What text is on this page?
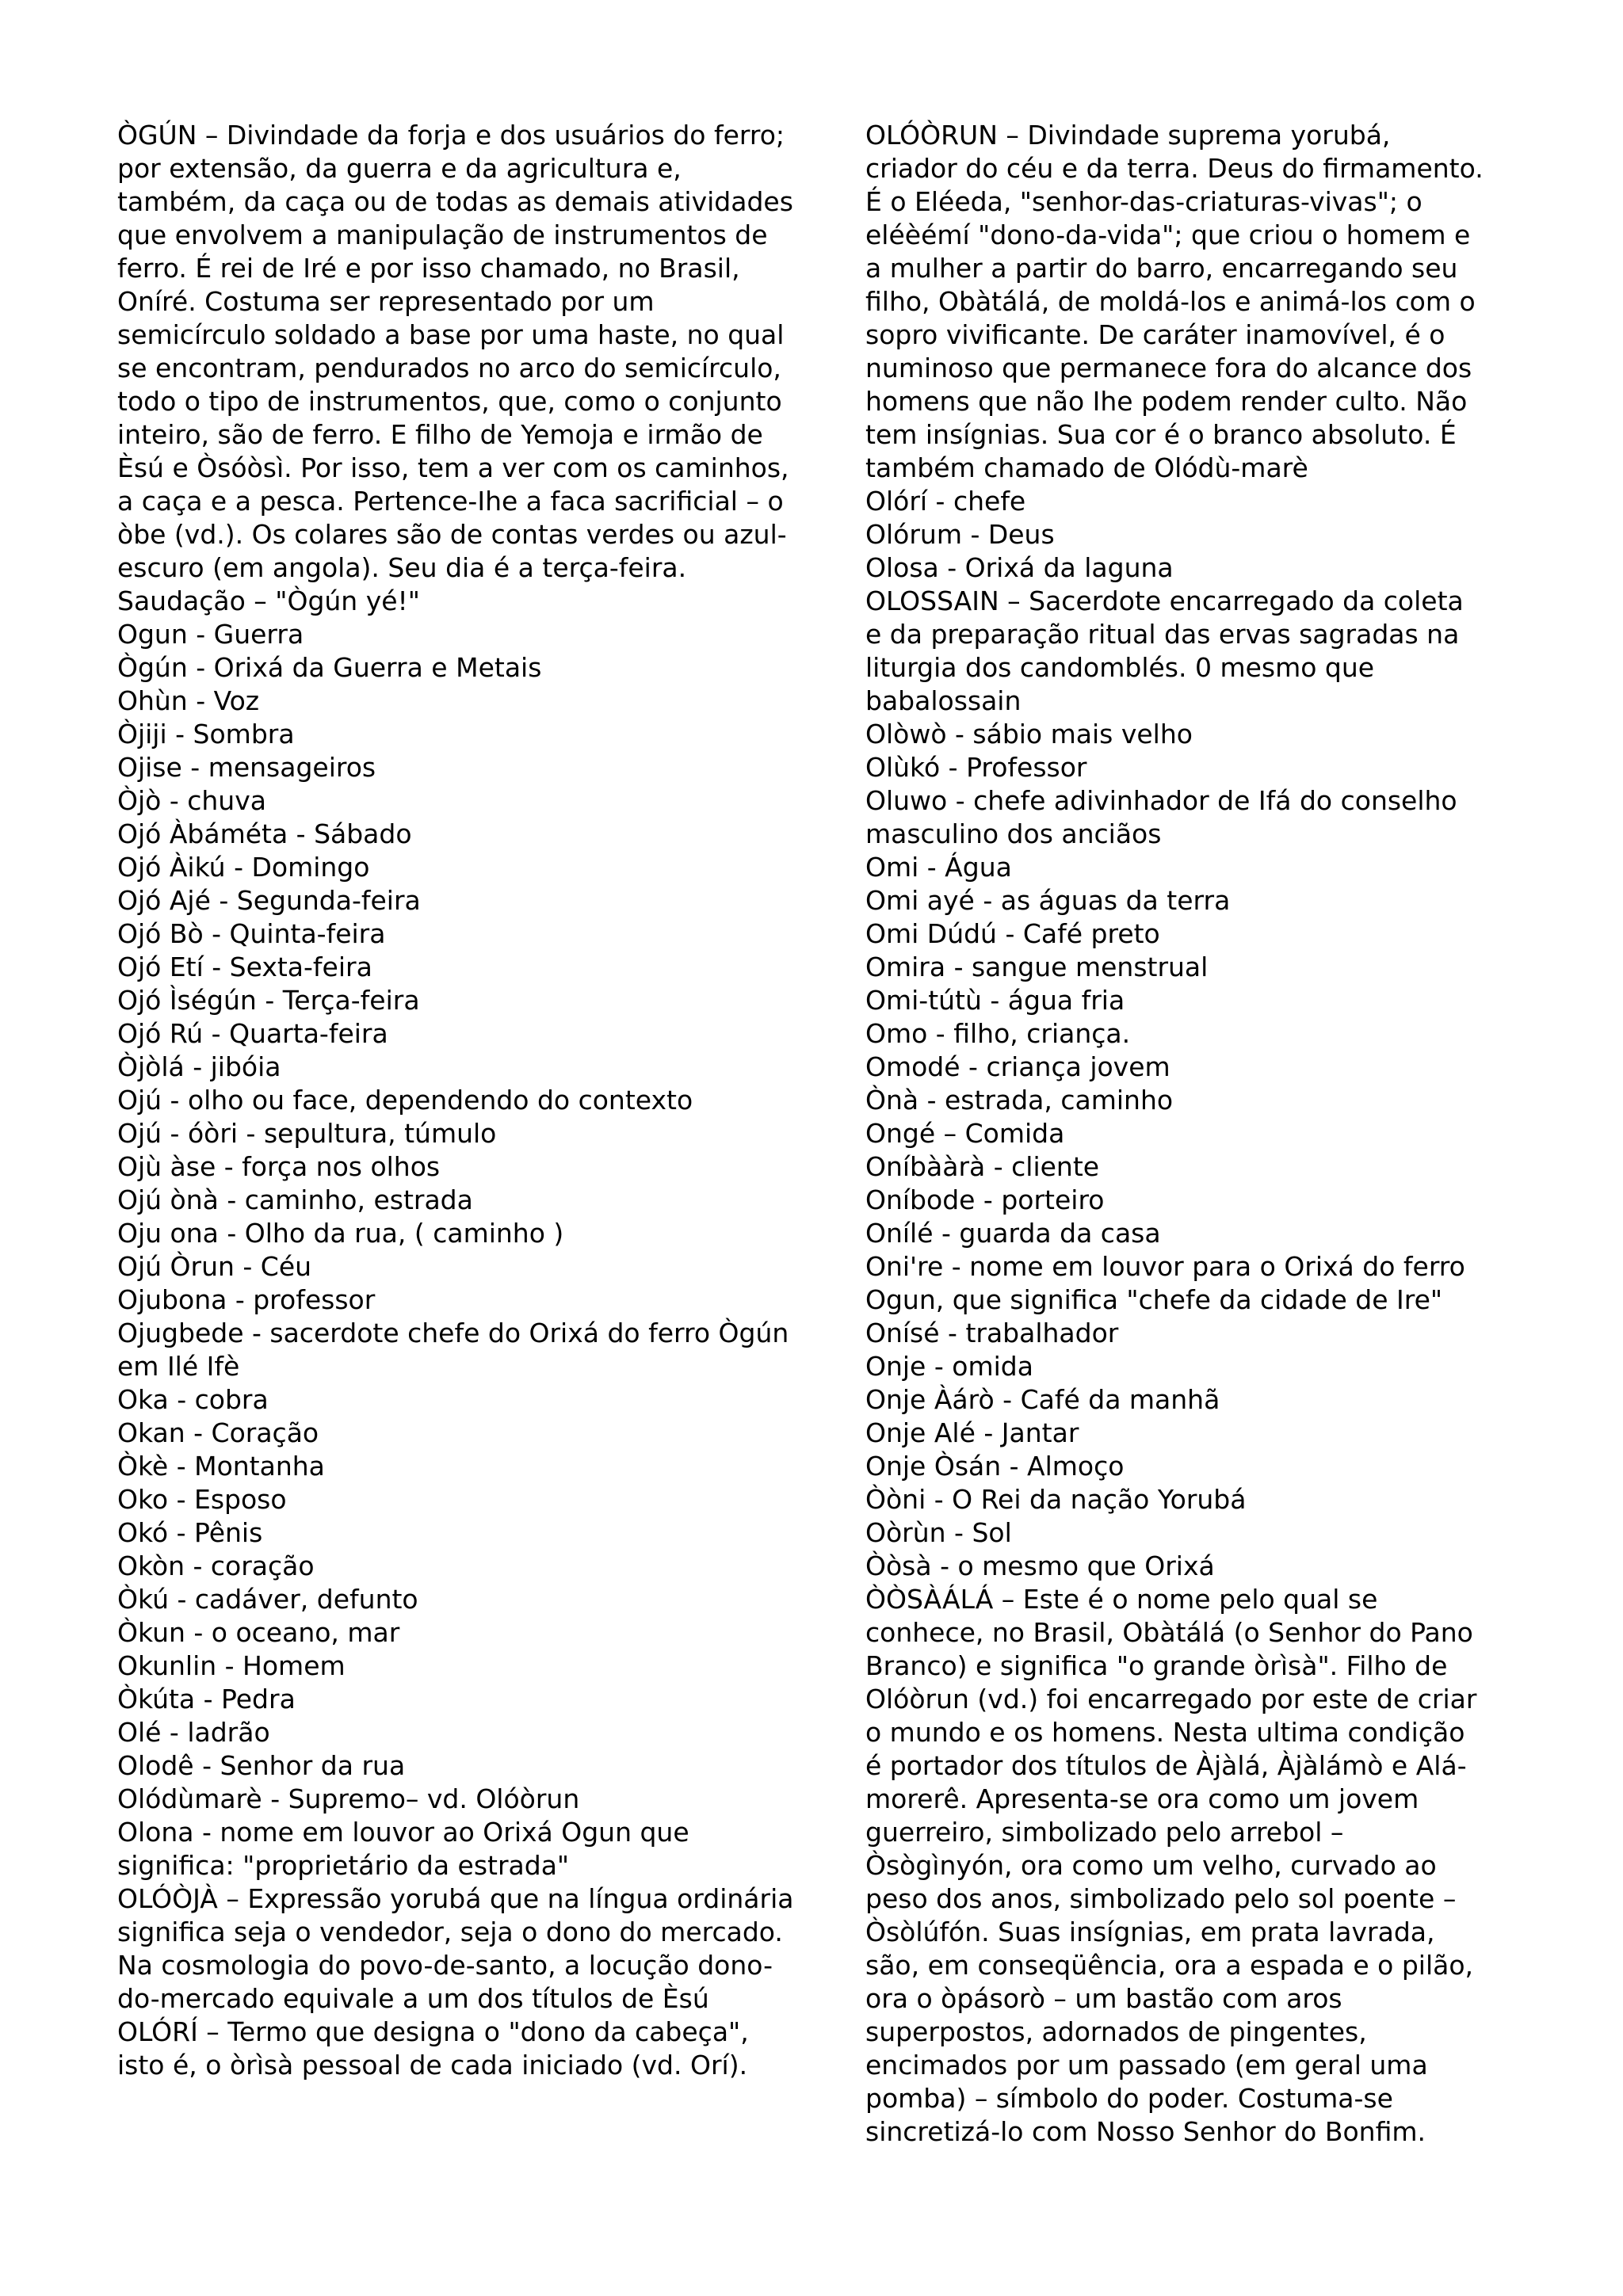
ÒGÚN – Divindade da forja e dos usuários do ferro; por extensão, da guerra e da agricultura e, também, da caça ou de todas as demais atividades que envolvem a manipulação de instrumentos de ferro. É rei de Iré e por isso chamado, no Brasil, Oníré. Costuma ser representado por um semicírculo soldado a base por uma haste, no qual se encontram, pendurados no arco do semicírculo, todo o tipo de instrumentos, que, como o conjunto inteiro, são de ferro. E filho de Yemoja e irmão de Èsú e Òsóòsì. Por isso, tem a ver com os caminhos, a caça e a pesca. Pertence-Ihe a faca sacrificial – o òbe (vd.). Os colares são de contas verdes ou azul-escuro (em angola). Seu dia é a terça-feira. Saudação – "Ògún yé!"

Ogun - Guerra

Ògún - Orixá da Guerra e Metais

Ohùn - Voz

Òjiji - Sombra

Ojise - mensageiros

Òjò - chuva

Ojó Àbáméta - Sábado

Ojó Àikú - Domingo

Ojó Ajé - Segunda-feira

Ojó Bò - Quinta-feira

Ojó Etí - Sexta-feira

Ojó Ìségún - Terça-feira

Ojó Rú - Quarta-feira

Òjòlá - jibóia

Ojú - olho ou face, dependendo do contexto

Ojú - óòri - sepultura, túmulo

Ojù àse - força nos olhos

Ojú ònà - caminho, estrada

Oju ona - Olho da rua, ( caminho )

Ojú Òrun - Céu

Ojubona - professor

Ojugbede - sacerdote chefe do Orixá do ferro Ògún em Ilé Ifè

Oka - cobra

Okan - Coração

Òkè - Montanha

Oko - Esposo

Okó - Pênis

Okòn - coração

Òkú - cadáver, defunto

Òkun - o oceano, mar

Okunlin - Homem

Òkúta - Pedra

Olé - ladrão

Olodê - Senhor da rua

Olódùmarè - Supremo– vd. Olóòrun

Olona - nome em louvor ao Orixá Ogun que significa: "proprietário da estrada"

OLÓÒJÀ – Expressão yorubá que na língua ordinária significa seja o vendedor, seja o dono do mercado. Na cosmologia do povo-de-santo, a locução dono-do-mercado equivale a um dos títulos de Èsú

OLÓRÍ – Termo que designa o "dono da cabeça", isto é, o òrìsà pessoal de cada iniciado (vd. Orí).

OLÓÒRUN – Divindade suprema yorubá, criador do céu e da terra. Deus do firmamento. É o Eléeda, "senhor-das-criaturas-vivas"; o eléèémí "dono-da-vida"; que criou o homem e a mulher a partir do barro, encarregando seu filho, Obàtálá, de moldá-los e animá-los com o sopro vivificante. De caráter inamovível, é o numinoso que permanece fora do alcance dos homens que não Ihe podem render culto. Não tem insígnias. Sua cor é o branco absoluto. É também chamado de Olódù-marè

Olórí - chefe

Olórum - Deus

Olosa - Orixá da laguna

OLOSSAIN – Sacerdote encarregado da coleta e da preparação ritual das ervas sagradas na liturgia dos candomblés. 0 mesmo que babalossain

Olòwò - sábio mais velho

Olùkó - Professor

Oluwo - chefe adivinhador de Ifá do conselho masculino dos anciãos

Omi - Água

Omi ayé - as águas da terra

Omi Dúdú - Café preto

Omira - sangue menstrual

Omi-tútù - água fria

Omo - filho, criança.

Omodé - criança jovem

Ònà - estrada, caminho

Ongé – Comida

Oníbààrà - cliente

Oníbode - porteiro

Onílé - guarda da casa

Oni're - nome em louvor para o Orixá do ferro Ogun, que significa "chefe da cidade de Ire"

Onísé - trabalhador

Onje - omida

Onje Àárò - Café da manhã

Onje Alé - Jantar

Onje Òsán - Almoço

Òòni - O Rei da nação Yorubá

Oòrùn - Sol

Òòsà - o mesmo que Orixá

ÒÒSÀÁLÁ – Este é o nome pelo qual se conhece, no Brasil, Obàtálá (o Senhor do Pano Branco) e significa "o grande òrìsà". Filho de Olóòrun (vd.) foi encarregado por este de criar o mundo e os homens. Nesta ultima condição é portador dos títulos de Àjàlá, Àjàlámò e Alá-morerê. Apresenta-se ora como um jovem guerreiro, simbolizado pelo arrebol – Òsògìnyón, ora como um velho, curvado ao peso dos anos, simbolizado pelo sol poente – Òsòlúfón. Suas insígnias, em prata lavrada, são, em conseqüência, ora a espada e o pilão, ora o òpásorò – um bastão com aros superpostos, adornados de pingentes, encimados por um passado (em geral uma pomba) – símbolo do poder. Costuma-se sincretizá-lo com Nosso Senhor do Bonfim.
